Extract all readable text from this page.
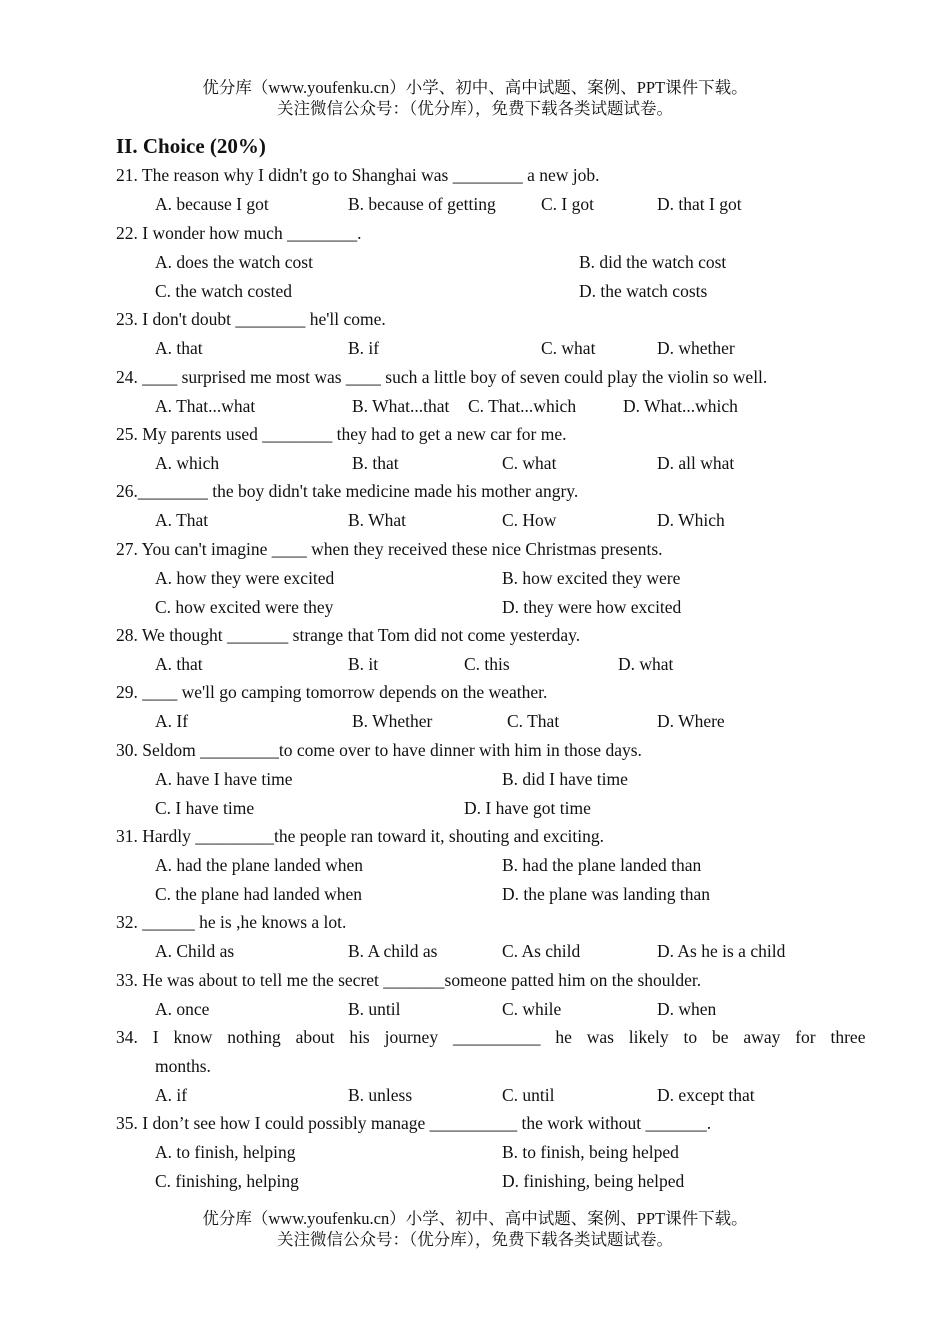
优分库（www.youfenku.cn）小学、初中、高中试题、案例、PPT课件下载。
关注微信公众号：（优分库），免费下载各类试题试卷。
II. Choice (20%)
21. The reason why I didn't go to Shanghai was ________ a new job.
A. because I got	B. because of getting	C. I got	D. that I got
22. I wonder how much ________.
A. does the watch cost	B. did the watch cost
C. the watch costed	D. the watch costs
23. I don't doubt ________ he'll come.
A. that	B. if	C. what	D. whether
24. ____ surprised me most was ____ such a little boy of seven could play the violin so well.
A. That...what	B. What...that C. That...which	D. What...which
25. My parents used ________ they had to get a new car for me.
A. which	B. that	C. what	D. all what
26.________ the boy didn't take medicine made his mother angry.
A. That	B. What	C. How	D. Which
27. You can't imagine ____ when they received these nice Christmas presents.
A. how they were excited	B. how excited they were
C. how excited were they	D. they were how excited
28. We thought _______ strange that Tom did not come yesterday.
A. that	B. it	C. this	D. what
29. ____ we'll go camping tomorrow depends on the weather.
A. If	B. Whether	C. That	D. Where
30. Seldom _________to come over to have dinner with him in those days.
A. have I have time	B. did I have time
C. I have time	D. I have got time
31. Hardly _________the people ran toward it, shouting and exciting.
A. had the plane landed when	B. had the plane landed than
C. the plane had landed when	D. the plane was landing than
32. ______ he is ,he knows a lot.
A. Child as	B. A child as	C. As child	D. As he is a child
33. He was about to tell me the secret _______someone patted him on the shoulder.
A. once	B. until	C. while	D. when
34. I know nothing about his journey __________ he was likely to be away for three
months.
A. if	B. unless	C. until	D. except that
35. I don’t see how I could possibly manage __________ the work without _______.
A. to finish, helping	B. to finish, being helped
C. finishing, helping	D. finishing, being helped
优分库（www.youfenku.cn）小学、初中、高中试题、案例、PPT课件下载。
关注微信公众号：（优分库），免费下载各类试题试卷。
